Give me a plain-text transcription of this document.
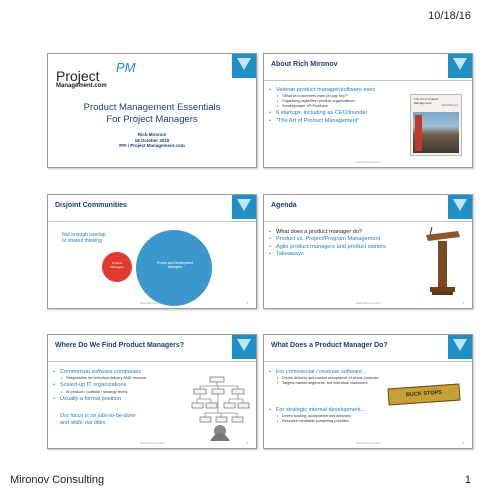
10/18/16
Project
PM
Management.com
Product Management Essentials
For Project Managers
Rich Mironov
18 October 2016
PPI / Project Management.com
About Rich Mironov
• Veteran product manager/software exec
• "What do customers want (to pay for)?"
• Organizing agile/lean product organizations
• Smokejumper VP Products
• 6 startups, including as CEO/founder
• "The Art of Product Management"
The Art of Product Management
Rich Mironov
www.Mironov.com
Disjoint Communities
Not enough overlap
or shared thinking
Product Managers
Project and Development Managers
www.Mironov.com	3
Agenda
• What does a product manager do?
• Product vs. Project/Program Management
• Agile product managers and product owners
• Takeaways
www.Mironov.com	4
Where Do We Find Product Managers?
• Commercial software companies
• Responsible for technical delivery AND revenue
• Scaled-up IT organizations
• At product / portfolio / strategy levels
• Usually a formal position
Our focus is on jobs-to-be-done
and skills, not titles
www.Mironov.com	5
What Does a Product Manager Do?
• For commercial / revenue software...
• Drives delivery and market acceptance of whole products
• Targets market segments, not individual customers
• For strategic internal development...
• Drives funding, acceptance and adoption
• Resolves inevitable competing priorities
BUCK STOPS
www.Mironov.com	6
Mironov Consulting	1
